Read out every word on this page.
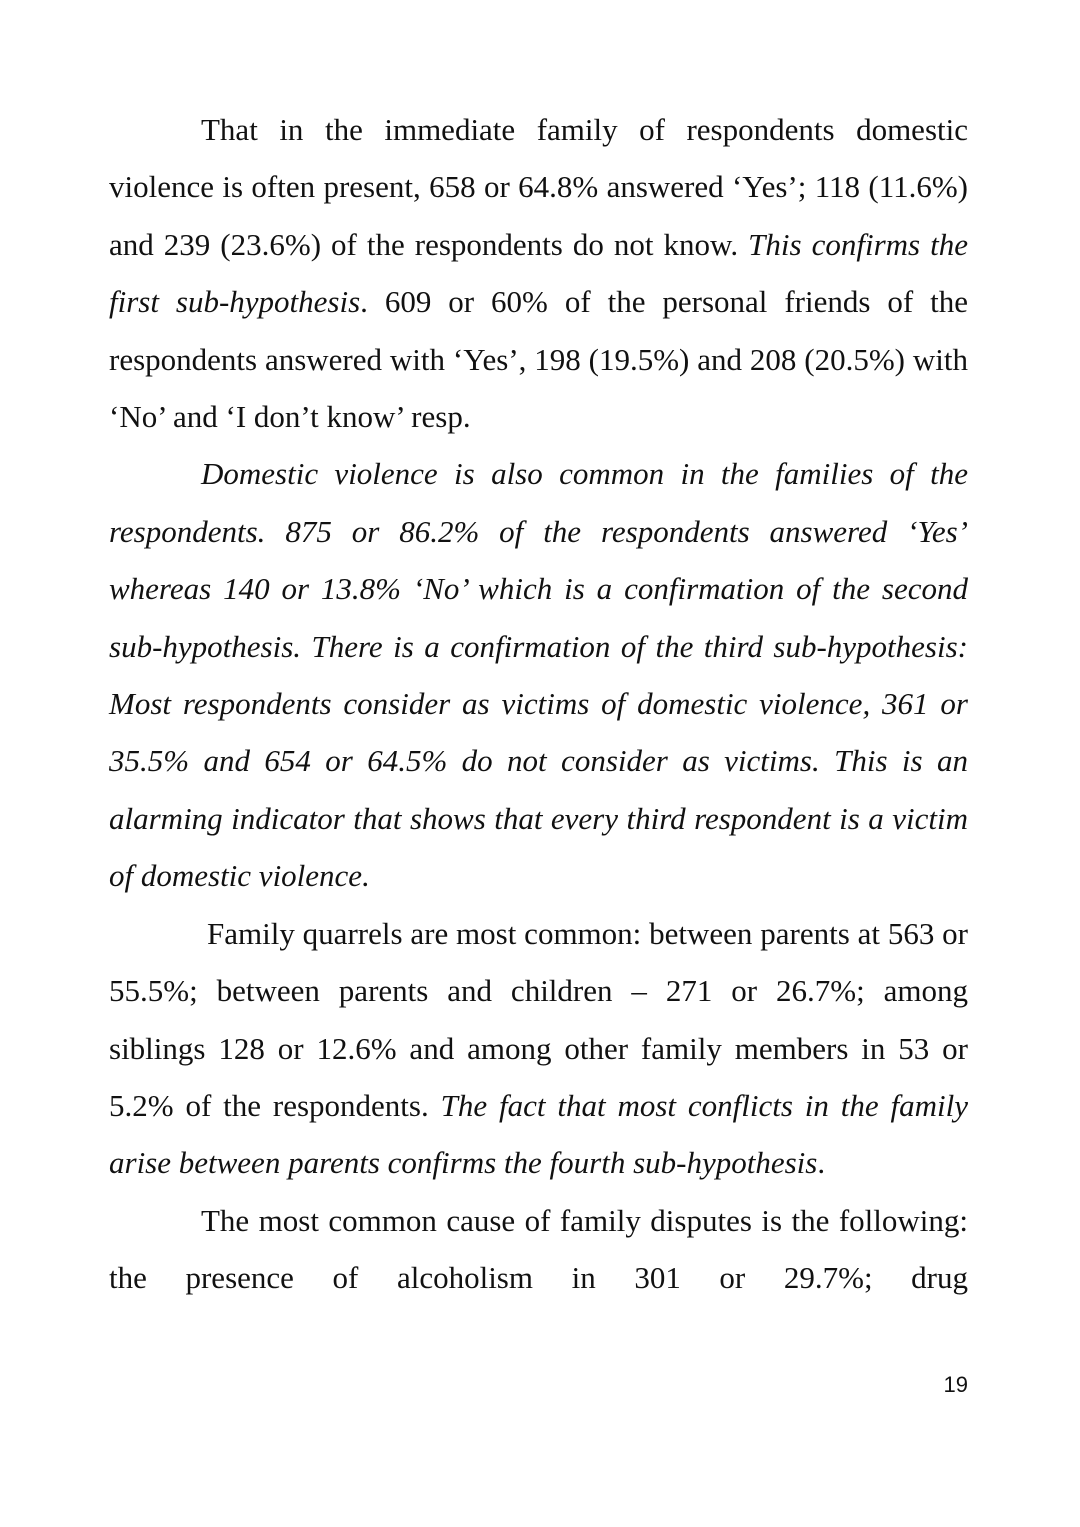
That in the immediate family of respondents domestic violence is often present, 658 or 64.8% answered ‘Yes’; 118 (11.6%) and 239 (23.6%) of the respondents do not know. This confirms the first sub-hypothesis. 609 or 60% of the personal friends of the respondents answered with ‘Yes’, 198 (19.5%) and 208 (20.5%) with ‘No’ and ‘I don’t know’ resp.

Domestic violence is also common in the families of the respondents. 875 or 86.2% of the respondents answered ‘Yes’ whereas 140 or 13.8% ‘No’ which is a confirmation of the second sub-hypothesis. There is a confirmation of the third sub-hypothesis: Most respondents consider as victims of domestic violence, 361 or 35.5% and 654 or 64.5% do not consider as victims. This is an alarming indicator that shows that every third respondent is a victim of domestic violence.

Family quarrels are most common: between parents at 563 or 55.5%; between parents and children – 271 or 26.7%; among siblings 128 or 12.6% and among other family members in 53 or 5.2% of the respondents. The fact that most conflicts in the family arise between parents confirms the fourth sub-hypothesis.

The most common cause of family disputes is the following: the presence of alcoholism in 301 or 29.7%; drug

19
